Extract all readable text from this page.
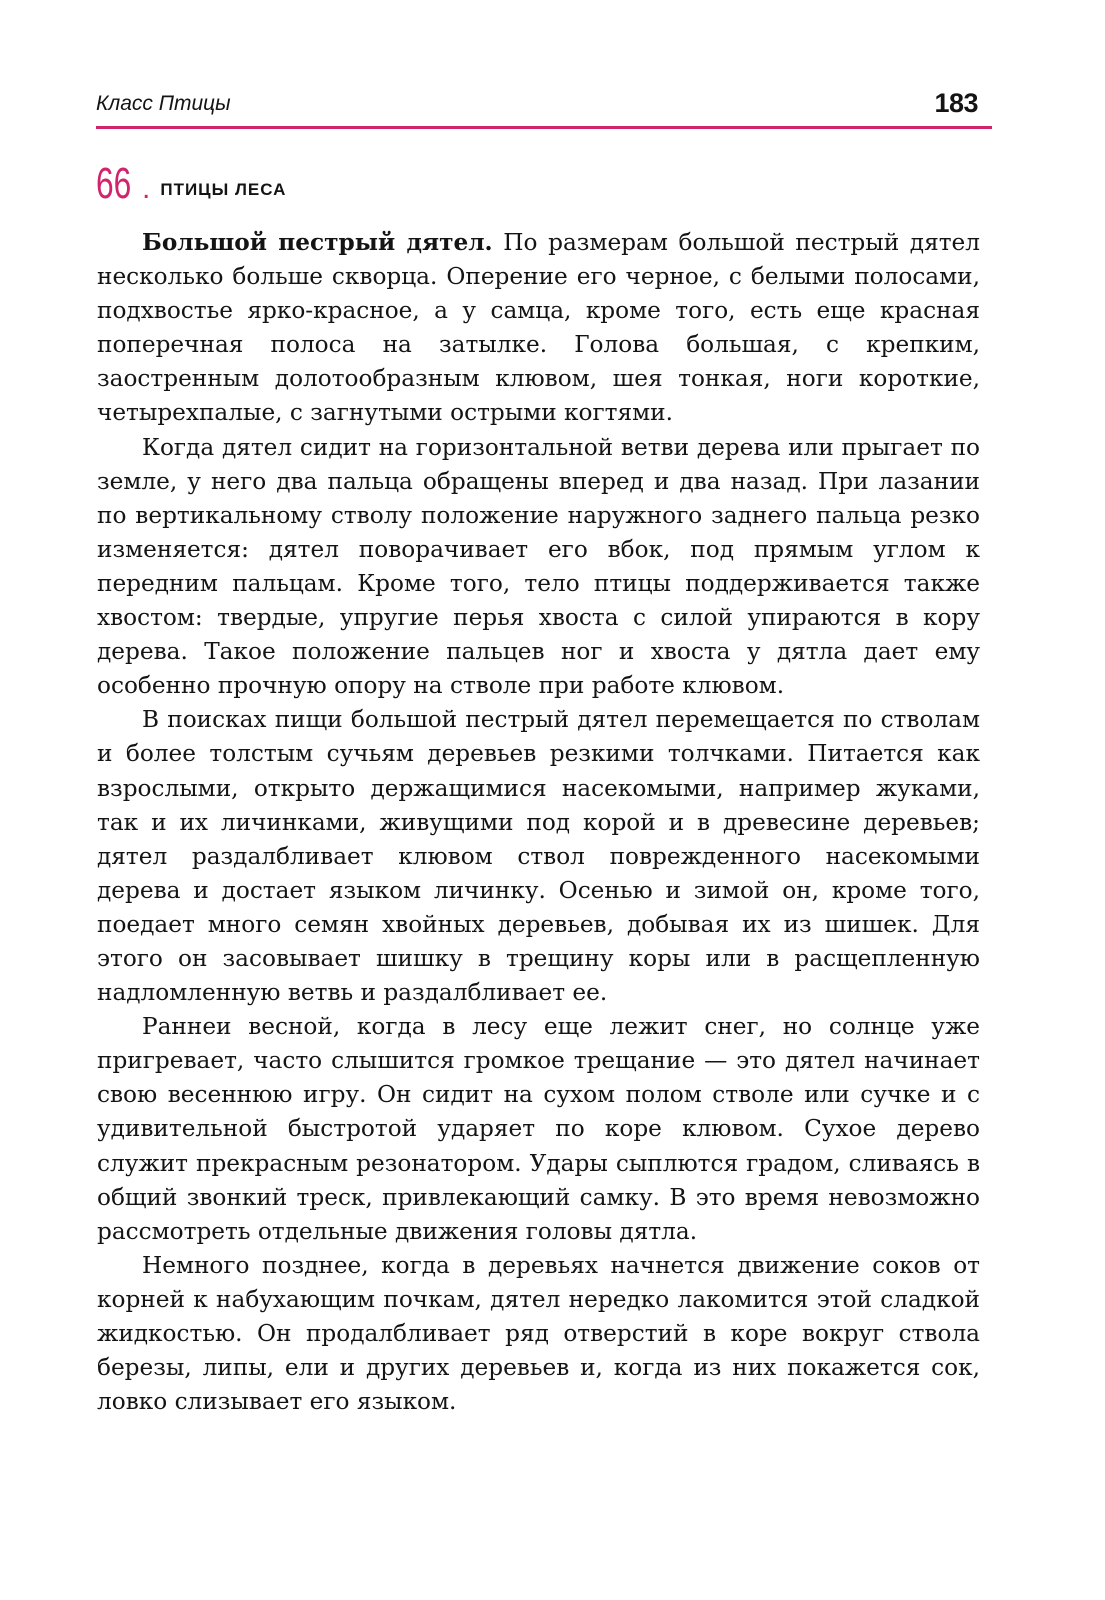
Класс Птицы	183
66 . ПТИЦЫ ЛЕСА

Большой пестрый дятел. По размерам большой пестрый дятел несколько больше скворца. Оперение его черное, с белыми полосами, подхвостье ярко-красное, а у самца, кроме того, есть еще красная поперечная полоса на затылке. Голова большая, с крепким, заостренным долотообразным клювом, шея тонкая, ноги короткие, четырехпалые, с загнутыми острыми когтями.

Когда дятел сидит на горизонтальной ветви дерева или прыгает по земле, у него два пальца обращены вперед и два назад. При лазании по вертикальному стволу положение наружного заднего пальца резко изменяется: дятел поворачивает его вбок, под прямым углом к передним пальцам. Кроме того, тело птицы поддерживается также хвостом: твердые, упругие перья хвоста с силой упираются в кору дерева. Такое положение пальцев ног и хвоста у дятла дает ему особенно прочную опору на стволе при работе клювом.

В поисках пищи большой пестрый дятел перемещается по стволам и более толстым сучьям деревьев резкими толчками. Питается как взрослыми, открыто держащимися насекомыми, например жуками, так и их личинками, живущими под корой и в древесине деревьев; дятел раздалбливает клювом ствол поврежденного насекомыми дерева и достает языком личинку. Осенью и зимой он, кроме того, поедает много семян хвойных деревьев, добывая их из шишек. Для этого он засовывает шишку в трещину коры или в расщепленную надломленную ветвь и раздалбливает ее.

Раннеи весной, когда в лесу еще лежит снег, но солнце уже пригревает, часто слышится громкое трещание — это дятел начинает свою весеннюю игру. Он сидит на сухом полом стволе или сучке и с удивительной быстротой ударяет по коре клювом. Сухое дерево служит прекрасным резонатором. Удары сыплются градом, сливаясь в общий звонкий треск, привлекающий самку. В это время невозможно рассмотреть отдельные движения головы дятла.

Немного позднее, когда в деревьях начнется движение соков от корней к набухающим почкам, дятел нередко лакомится этой сладкой жидкостью. Он продалбливает ряд отверстий в коре вокруг ствола березы, липы, ели и других деревьев и, когда из них покажется сок, ловко слизывает его языком.
